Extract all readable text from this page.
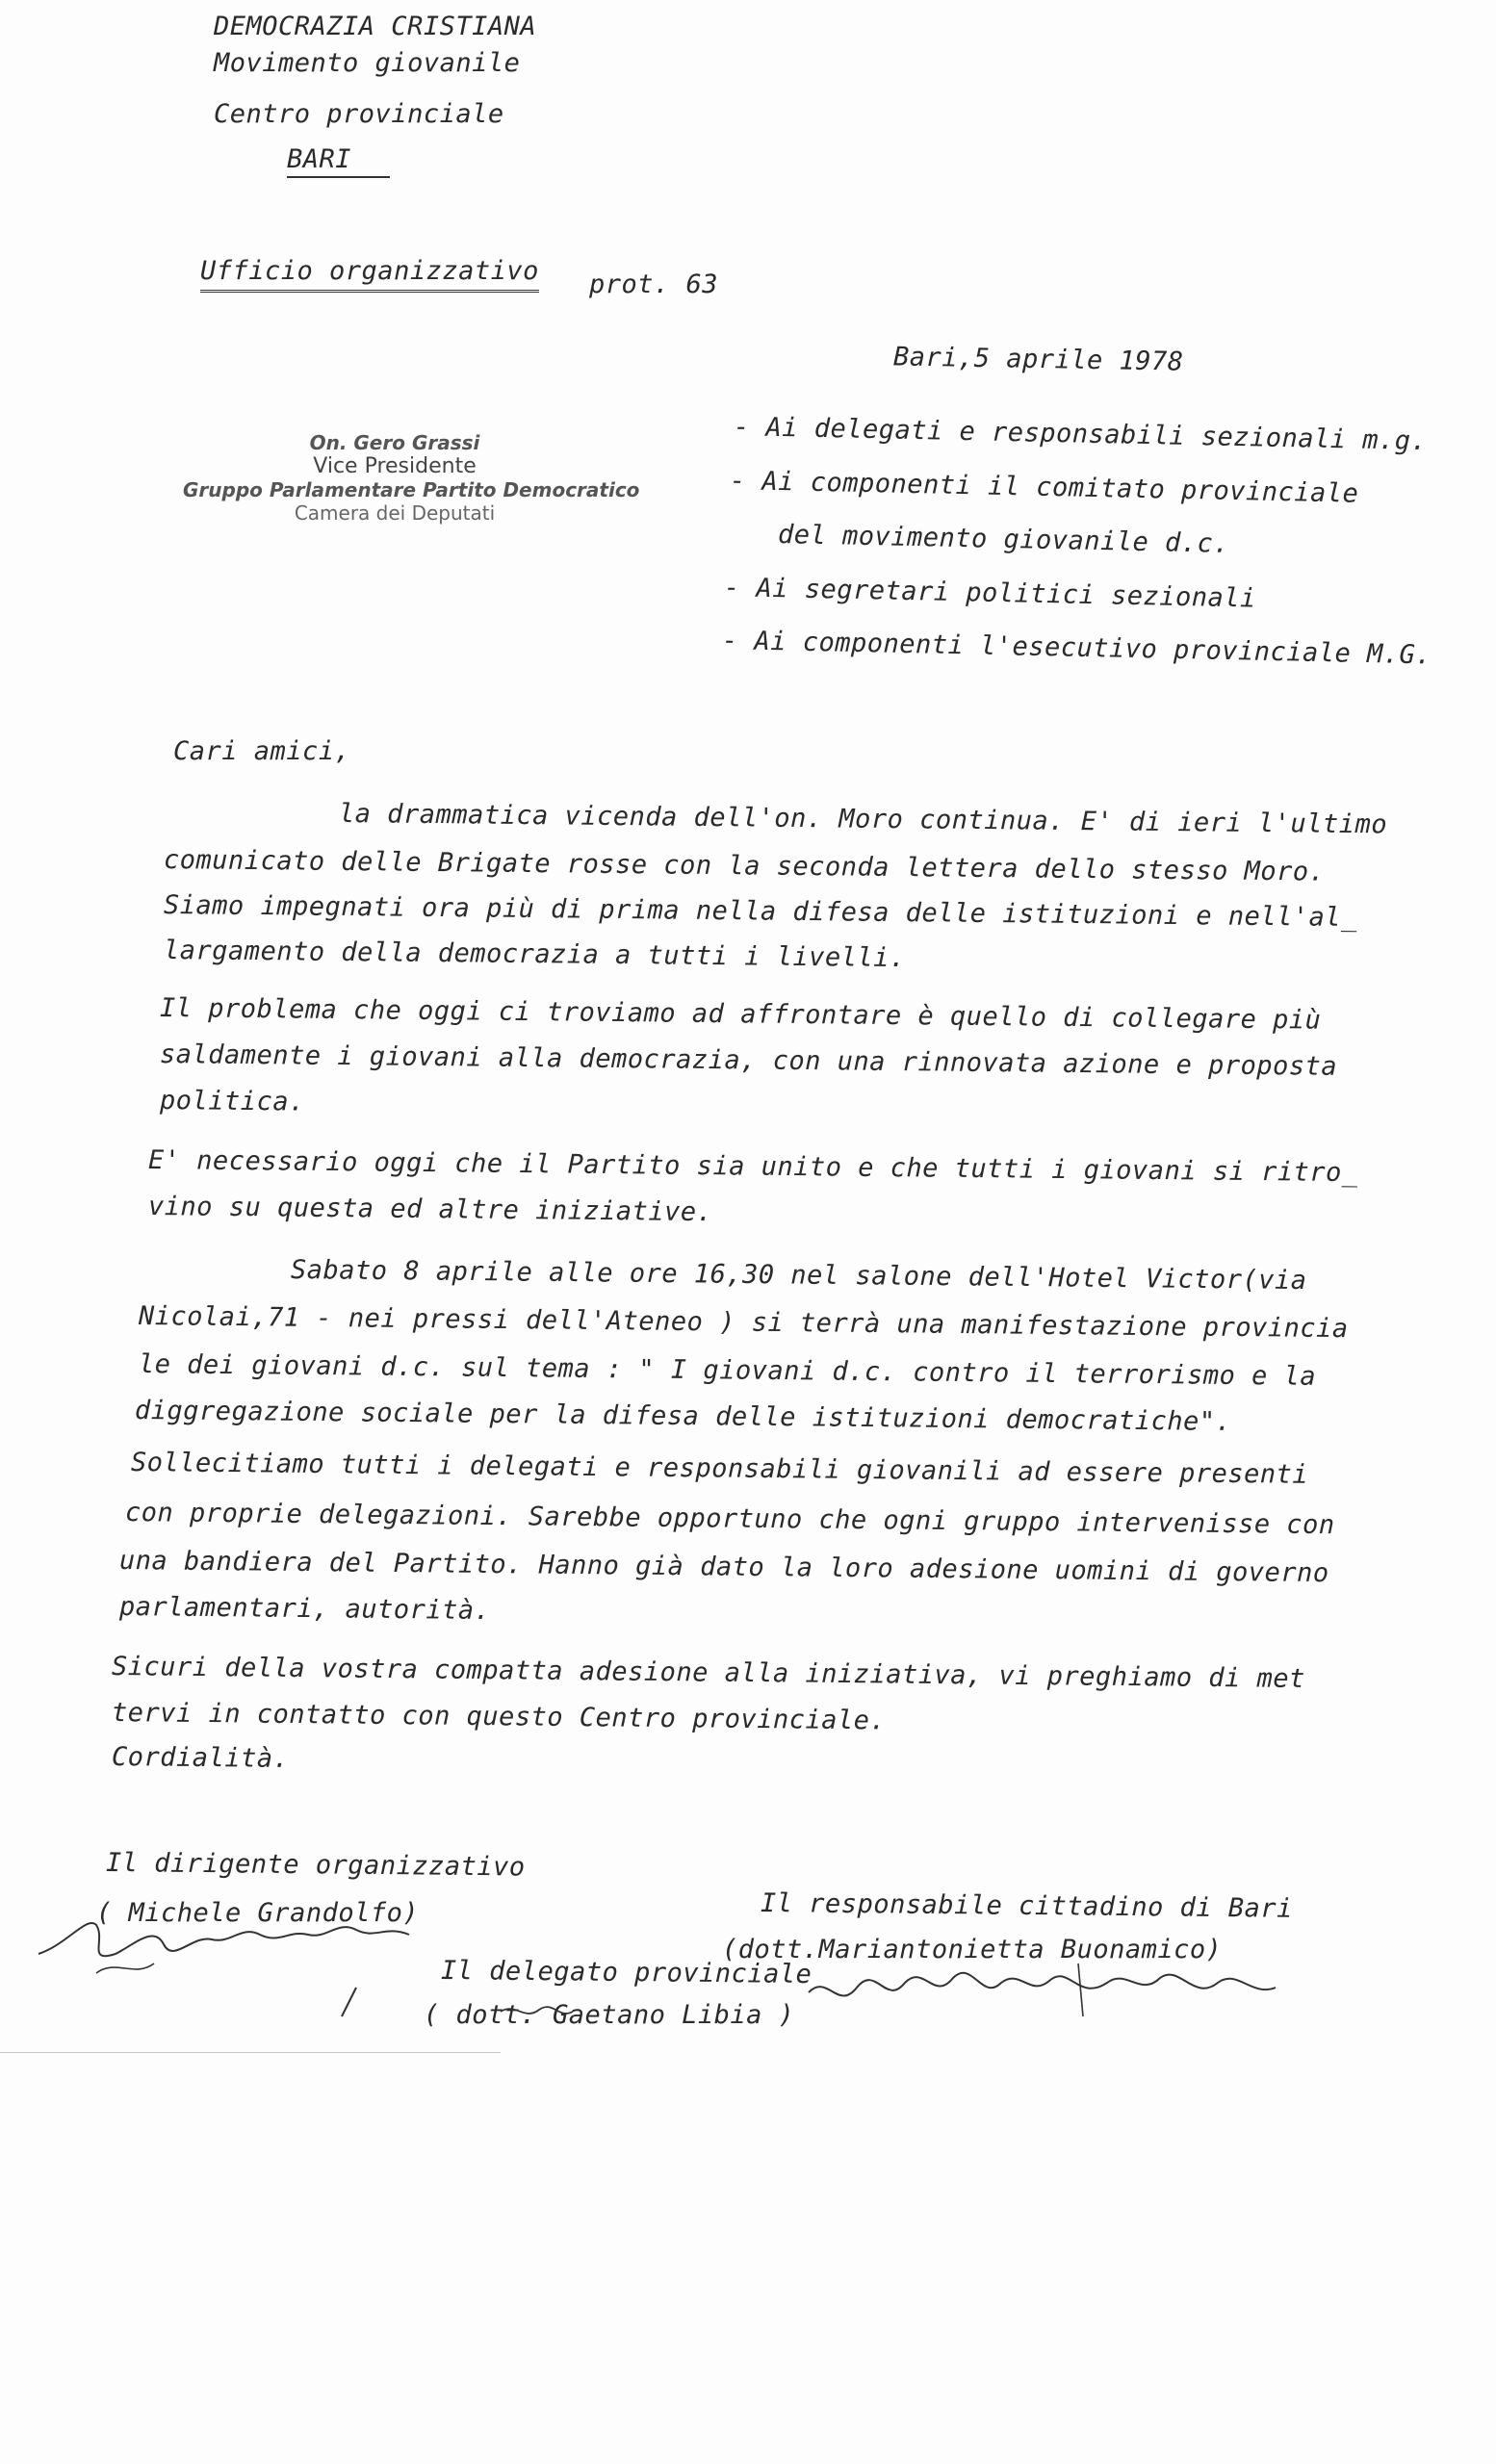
DEMOCRAZIA CRISTIANA
Movimento giovanile
Centro provinciale
BARI
Ufficio organizzativo prot. 63
Bari,5 aprile 1978
On. Gero Grassi
Vice Presidente
Gruppo Parlamentare Partito Democratico
Camera dei Deputati
- Ai delegati e responsabili sezionali m.g.
- Ai componenti il comitato provinciale
del movimento giovanile d.c.
- Ai segretari politici sezionali
- Ai componenti l'esecutivo provinciale M.G.
Cari amici,
la drammatica vicenda dell'on. Moro continua. E' di ieri l'ultimo
comunicato delle Brigate rosse con la seconda lettera dello stesso Moro.
Siamo impegnati ora più di prima nella difesa delle istituzioni e nell'al_
largamento della democrazia a tutti i livelli.
Il problema che oggi ci troviamo ad affrontare è quello di collegare più
saldamente i giovani alla democrazia, con una rinnovata azione e proposta
politica.
E' necessario oggi che il Partito sia unito e che tutti i giovani si ritro_
vino su questa ed altre iniziative.
Sabato 8 aprile alle ore 16,30 nel salone dell'Hotel Victor(via
Nicolai,71 - nei pressi dell'Ateneo ) si terrà una manifestazione provincia
le dei giovani d.c. sul tema : " I giovani d.c. contro il terrorismo e la
diggregazione sociale per la difesa delle istituzioni democratiche".
Sollecitiamo tutti i delegati e responsabili giovanili ad essere presenti
con proprie delegazioni. Sarebbe opportuno che ogni gruppo intervenisse con
una bandiera del Partito. Hanno già dato la loro adesione uomini di governo
parlamentari, autorità.
Sicuri della vostra compatta adesione alla iniziativa, vi preghiamo di met
tervi in contatto con questo Centro provinciale.
Cordialità.
Il dirigente organizzativo
Il responsabile cittadino di Bari
( Michele Grandolfo)
(dott.Mariantonietta Buonamico)
Il delegato provinciale
( dott. Gaetano Libia )
